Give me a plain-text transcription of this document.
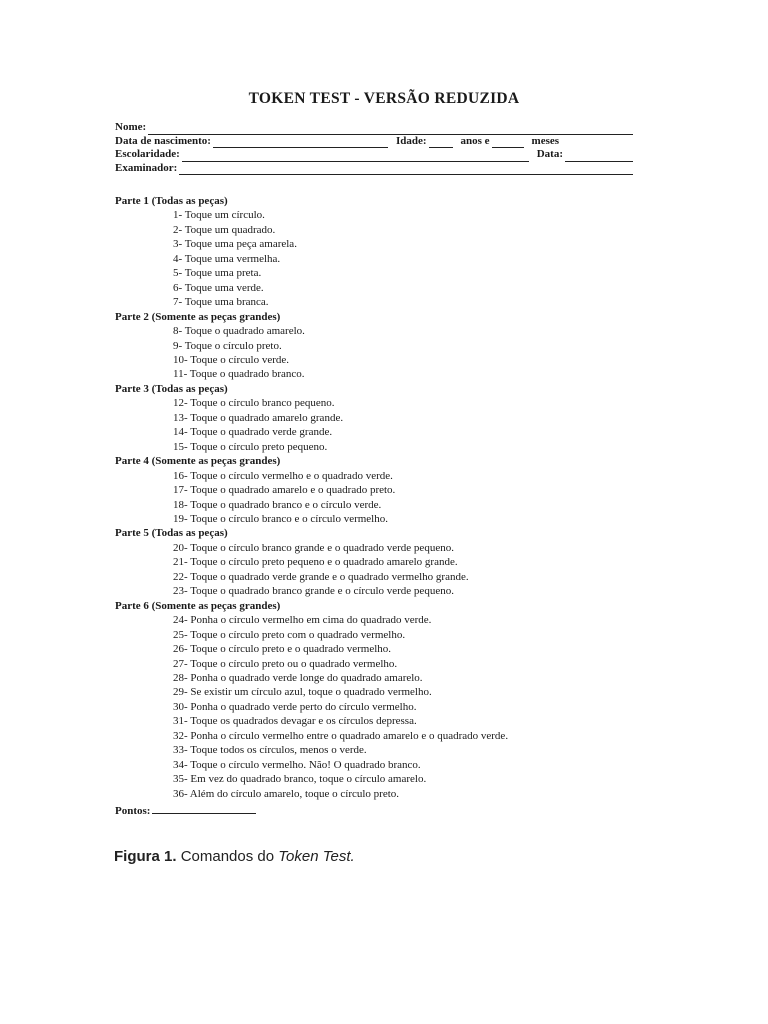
TOKEN TEST - VERSÃO REDUZIDA
Nome:
Data de nascimento:	Idade:	anos e	meses
Escolaridade:	Data:
Examinador:
Parte 1 (Todas as peças)
1- Toque um círculo.
2- Toque um quadrado.
3- Toque uma peça amarela.
4- Toque uma vermelha.
5- Toque uma preta.
6- Toque uma verde.
7- Toque uma branca.
Parte 2 (Somente as peças grandes)
8- Toque o quadrado amarelo.
9- Toque o círculo preto.
10- Toque o círculo verde.
11- Toque o quadrado branco.
Parte 3 (Todas as peças)
12- Toque o círculo branco pequeno.
13- Toque o quadrado amarelo grande.
14- Toque o quadrado verde grande.
15- Toque o círculo preto pequeno.
Parte 4 (Somente as peças grandes)
16- Toque o círculo vermelho e o quadrado verde.
17- Toque o quadrado amarelo e o quadrado preto.
18- Toque o quadrado branco e o círculo verde.
19- Toque o círculo branco e o círculo vermelho.
Parte 5 (Todas as peças)
20- Toque o círculo branco grande e o quadrado verde pequeno.
21- Toque o círculo preto pequeno e o quadrado amarelo grande.
22- Toque o quadrado verde grande e o quadrado vermelho grande.
23- Toque o quadrado branco grande e o círculo verde pequeno.
Parte 6 (Somente as peças grandes)
24- Ponha o círculo vermelho em cima do quadrado verde.
25- Toque o círculo preto com o quadrado vermelho.
26- Toque o círculo preto e o quadrado vermelho.
27- Toque o círculo preto ou o quadrado vermelho.
28- Ponha o quadrado verde longe do quadrado amarelo.
29- Se existir um círculo azul, toque o quadrado vermelho.
30- Ponha o quadrado verde perto do círculo vermelho.
31- Toque os quadrados devagar e os círculos depressa.
32- Ponha o círculo vermelho entre o quadrado amarelo e o quadrado verde.
33- Toque todos os círculos, menos o verde.
34- Toque o círculo vermelho. Não! O quadrado branco.
35- Em vez do quadrado branco, toque o círculo amarelo.
36- Além do círculo amarelo, toque o círculo preto.
Pontos:
Figura 1. Comandos do Token Test.
